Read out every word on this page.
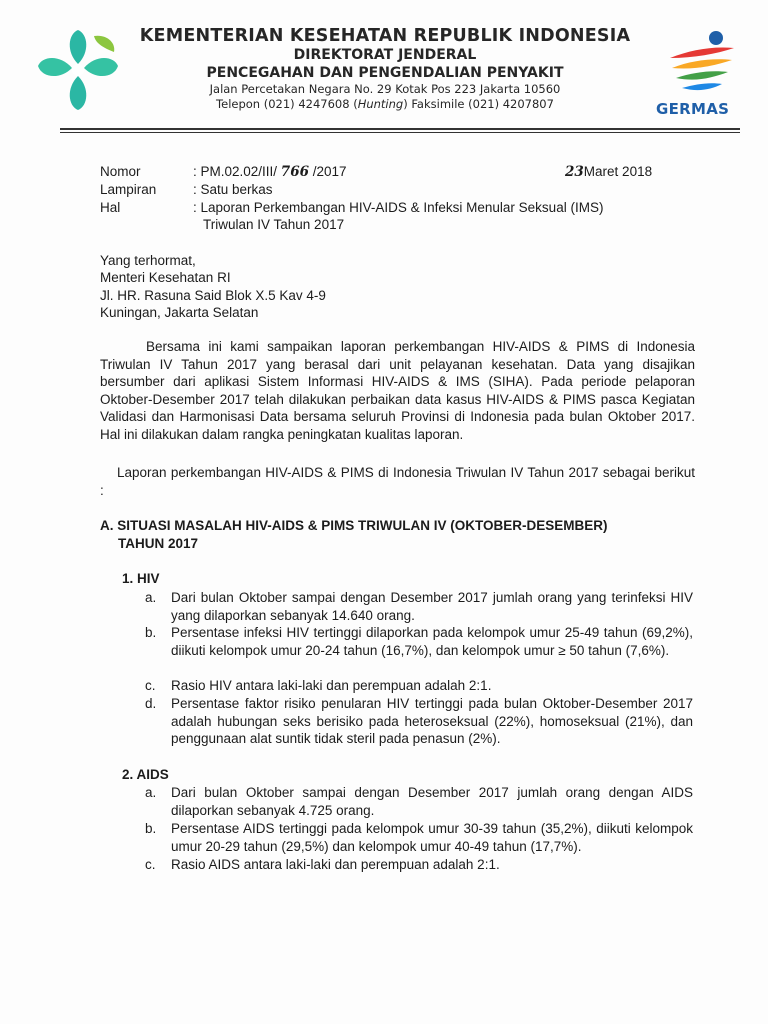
KEMENTERIAN KESEHATAN REPUBLIK INDONESIA
DIREKTORAT JENDERAL
PENCEGAHAN DAN PENGENDALIAN PENYAKIT
Jalan Percetakan Negara No. 29 Kotak Pos 223 Jakarta 10560
Telepon (021) 4247608 (Hunting) Faksimile (021) 4207807	GERMAS
Nomor	: PM.02.02/III/ 766 /2017	23Maret 2018
Lampiran	: Satu berkas
Hal	: Laporan Perkembangan HIV-AIDS & Infeksi Menular Seksual (IMS)
Triwulan IV Tahun 2017
Yang terhormat,
Menteri Kesehatan RI
Jl. HR. Rasuna Said Blok X.5 Kav 4-9
Kuningan, Jakarta Selatan
Bersama ini kami sampaikan laporan perkembangan HIV-AIDS & PIMS di Indonesia Triwulan IV Tahun 2017 yang berasal dari unit pelayanan kesehatan. Data yang disajikan bersumber dari aplikasi Sistem Informasi HIV-AIDS & IMS (SIHA). Pada periode pelaporan Oktober-Desember 2017 telah dilakukan perbaikan data kasus HIV-AIDS & PIMS pasca Kegiatan Validasi dan Harmonisasi Data bersama seluruh Provinsi di Indonesia pada bulan Oktober 2017. Hal ini dilakukan dalam rangka peningkatan kualitas laporan.
Laporan perkembangan HIV-AIDS & PIMS di Indonesia Triwulan IV Tahun 2017 sebagai berikut :
A. SITUASI MASALAH HIV-AIDS & PIMS TRIWULAN IV (OKTOBER-DESEMBER)
TAHUN 2017
1. HIV
a. Dari bulan Oktober sampai dengan Desember 2017 jumlah orang yang terinfeksi HIV yang dilaporkan sebanyak 14.640 orang.
b. Persentase infeksi HIV tertinggi dilaporkan pada kelompok umur 25-49 tahun (69,2%), diikuti kelompok umur 20-24 tahun (16,7%), dan kelompok umur ≥ 50 tahun (7,6%).
c. Rasio HIV antara laki-laki dan perempuan adalah 2:1.
d. Persentase faktor risiko penularan HIV tertinggi pada bulan Oktober-Desember 2017 adalah hubungan seks berisiko pada heteroseksual (22%), homoseksual (21%), dan penggunaan alat suntik tidak steril pada penasun (2%).
2. AIDS
a. Dari bulan Oktober sampai dengan Desember 2017 jumlah orang dengan AIDS dilaporkan sebanyak 4.725 orang.
b. Persentase AIDS tertinggi pada kelompok umur 30-39 tahun (35,2%), diikuti kelompok umur 20-29 tahun (29,5%) dan kelompok umur 40-49 tahun (17,7%).
c. Rasio AIDS antara laki-laki dan perempuan adalah 2:1.
